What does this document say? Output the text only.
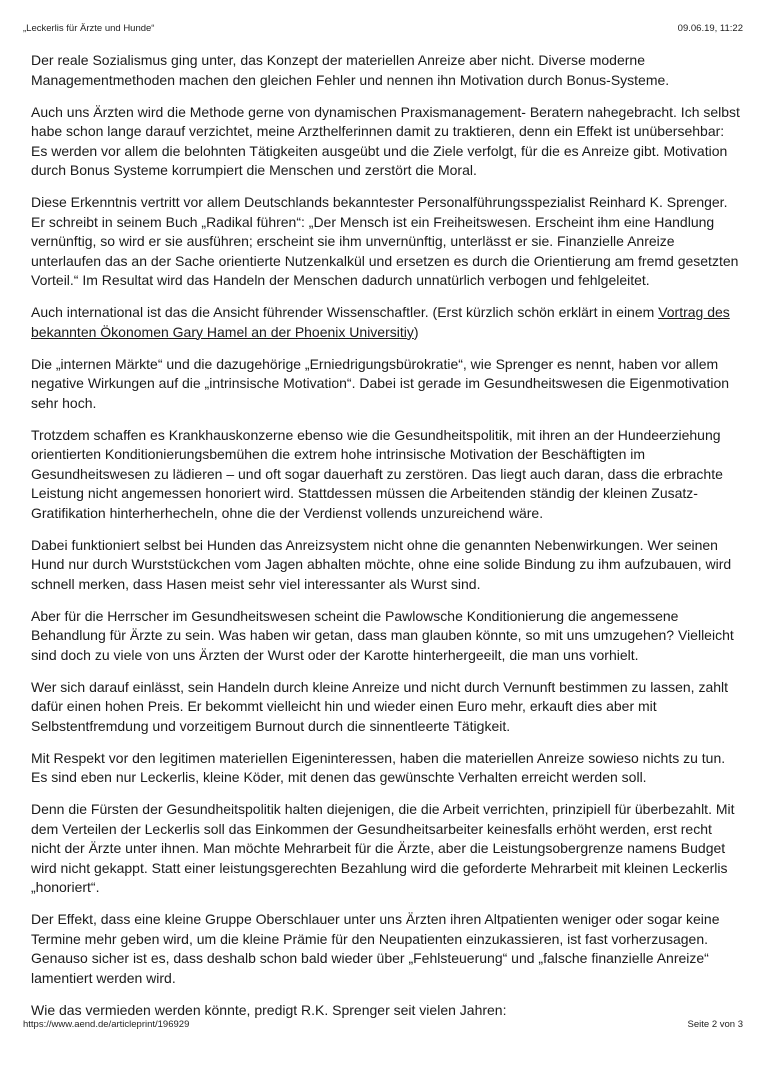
„Leckerlis für Ärzte und Hunde“	09.06.19, 11:22

Der reale Sozialismus ging unter, das Konzept der materiellen Anreize aber nicht. Diverse moderne Managementmethoden machen den gleichen Fehler und nennen ihn Motivation durch Bonus-Systeme.

Auch uns Ärzten wird die Methode gerne von dynamischen Praxismanagement- Beratern nahegebracht. Ich selbst habe schon lange darauf verzichtet, meine Arzthelferinnen damit zu traktieren, denn ein Effekt ist unübersehbar: Es werden vor allem die belohnten Tätigkeiten ausgeübt und die Ziele verfolgt, für die es Anreize gibt. Motivation durch Bonus Systeme korrumpiert die Menschen und zerstört die Moral.

Diese Erkenntnis vertritt vor allem Deutschlands bekanntester Personalführungsspezialist Reinhard K. Sprenger. Er schreibt in seinem Buch „Radikal führen“: „Der Mensch ist ein Freiheitswesen. Erscheint ihm eine Handlung vernünftig, so wird er sie ausführen; erscheint sie ihm unvernünftig, unterlässt er sie. Finanzielle Anreize unterlaufen das an der Sache orientierte Nutzenkalkül und ersetzen es durch die Orientierung am fremd gesetzten Vorteil.“ Im Resultat wird das Handeln der Menschen dadurch unnatürlich verbogen und fehlgeleitet.

Auch international ist das die Ansicht führender Wissenschaftler. (Erst kürzlich schön erklärt in einem Vortrag des bekannten Ökonomen Gary Hamel an der Phoenix Universitiy)

Die „internen Märkte“ und die dazugehörige „Erniedrigungsbürokratie“, wie Sprenger es nennt, haben vor allem negative Wirkungen auf die „intrinsische Motivation“. Dabei ist gerade im Gesundheitswesen die Eigenmotivation sehr hoch.

Trotzdem schaffen es Krankhauskonzerne ebenso wie die Gesundheitspolitik, mit ihren an der Hundeerziehung orientierten Konditionierungsbemühen die extrem hohe intrinsische Motivation der Beschäftigten im Gesundheitswesen zu lädieren – und oft sogar dauerhaft zu zerstören. Das liegt auch daran, dass die erbrachte Leistung nicht angemessen honoriert wird. Stattdessen müssen die Arbeitenden ständig der kleinen Zusatz-Gratifikation hinterherhecheln, ohne die der Verdienst vollends unzureichend wäre.

Dabei funktioniert selbst bei Hunden das Anreizsystem nicht ohne die genannten Nebenwirkungen. Wer seinen Hund nur durch Wurststückchen vom Jagen abhalten möchte, ohne eine solide Bindung zu ihm aufzubauen, wird schnell merken, dass Hasen meist sehr viel interessanter als Wurst sind.

Aber für die Herrscher im Gesundheitswesen scheint die Pawlowsche Konditionierung die angemessene Behandlung für Ärzte zu sein. Was haben wir getan, dass man glauben könnte, so mit uns umzugehen? Vielleicht sind doch zu viele von uns Ärzten der Wurst oder der Karotte hinterhergeeilt, die man uns vorhielt.

Wer sich darauf einlässt, sein Handeln durch kleine Anreize und nicht durch Vernunft bestimmen zu lassen, zahlt dafür einen hohen Preis. Er bekommt vielleicht hin und wieder einen Euro mehr, erkauft dies aber mit Selbstentfremdung und vorzeitigem Burnout durch die sinnentleerte Tätigkeit.

Mit Respekt vor den legitimen materiellen Eigeninteressen, haben die materiellen Anreize sowieso nichts zu tun. Es sind eben nur Leckerlis, kleine Köder, mit denen das gewünschte Verhalten erreicht werden soll.

Denn die Fürsten der Gesundheitspolitik halten diejenigen, die die Arbeit verrichten, prinzipiell für überbezahlt. Mit dem Verteilen der Leckerlis soll das Einkommen der Gesundheitsarbeiter keinesfalls erhöht werden, erst recht nicht der Ärzte unter ihnen. Man möchte Mehrarbeit für die Ärzte, aber die Leistungsobergrenze namens Budget wird nicht gekappt. Statt einer leistungsgerechten Bezahlung wird die geforderte Mehrarbeit mit kleinen Leckerlis „honoriert“.

Der Effekt, dass eine kleine Gruppe Oberschlauer unter uns Ärzten ihren Altpatienten weniger oder sogar keine Termine mehr geben wird, um die kleine Prämie für den Neupatienten einzukassieren, ist fast vorherzusagen. Genauso sicher ist es, dass deshalb schon bald wieder über „Fehlsteuerung“ und „falsche finanzielle Anreize“ lamentiert werden wird.

Wie das vermieden werden könnte, predigt R.K. Sprenger seit vielen Jahren:

https://www.aend.de/articleprint/196929	Seite 2 von 3
